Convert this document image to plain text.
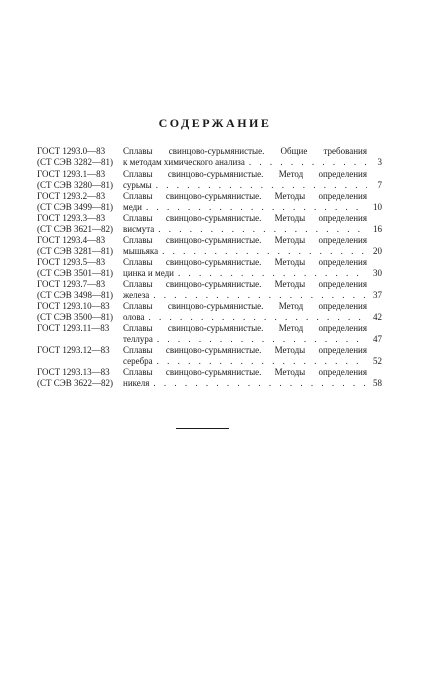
СОДЕРЖАНИЕ
ГОСТ 1293.0—83
(СТ СЭВ 3282—81)
Сплавы свинцово-сурьмянистые. Общие требования
к методам химического анализа . . .	3
ГОСТ 1293.1—83
(СТ СЭВ 3280—81)
Сплавы свинцово-сурьмянистые. Метод определения
сурьмы . . .	7
ГОСТ 1293.2—83
(СТ СЭВ 3499—81)
Сплавы свинцово-сурьмянистые. Методы определения
меди . . .	10
ГОСТ 1293.3—83
(СТ СЭВ 3621—82)
Сплавы свинцово-сурьмянистые. Методы определения
висмута . . .	16
ГОСТ 1293.4—83
(СТ СЭВ 3281—81)
Сплавы свинцово-сурьмянистые. Методы определения
мышьяка . . .	20
ГОСТ 1293.5—83
(СТ СЭВ 3501—81)
Сплавы свинцово-сурьмянистые. Методы определения
цинка и меди . . .	30
ГОСТ 1293.7—83
(СТ СЭВ 3498—81)
Сплавы свинцово-сурьмянистые. Методы определения
железа . . .	37
ГОСТ 1293.10—83
(СТ СЭВ 3500—81)
Сплавы свинцово-сурьмянистые. Метод определения
олова . . .	42
ГОСТ 1293.11—83	Сплавы свинцово-сурьмянистые. Метод определения
теллура . . .	47
ГОСТ 1293.12—83	Сплавы свинцово-сурьмянистые. Методы определения
серебра . . .	52
ГОСТ 1293.13—83
(СТ СЭВ 3622—82)
Сплавы свинцово-сурьмянистые. Методы определения
никеля . . .	58
